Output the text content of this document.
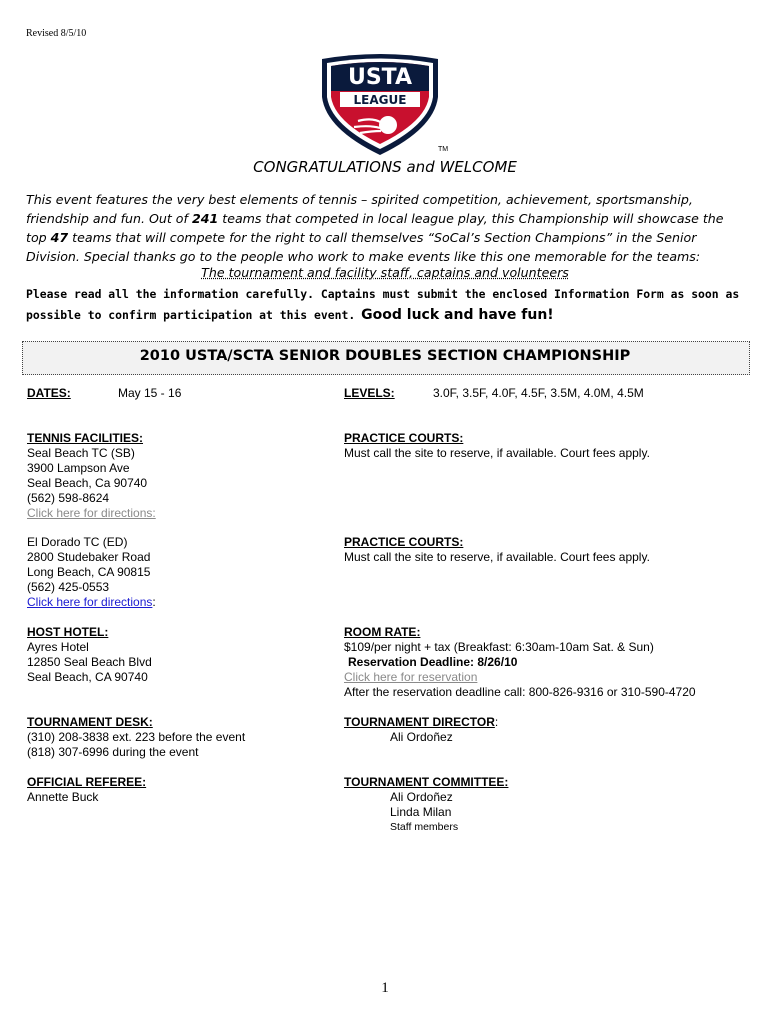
Revised 8/5/10
USTA
LEAGUE
TM
CONGRATULATIONS and WELCOME
This event features the very best elements of tennis – spirited competition, achievement, sportsmanship, friendship and fun. Out of 241 teams that competed in local league play, this Championship will showcase the top 47 teams that will compete for the right to call themselves “SoCal’s Section Champions” in the Senior Division. Special thanks go to the people who work to make events like this one memorable for the teams:
The tournament and facility staff, captains and volunteers
Please read all the information carefully. Captains must submit the enclosed Information Form as soon as possible to confirm participation at this event. Good luck and have fun!
2010 USTA/SCTA SENIOR DOUBLES SECTION CHAMPIONSHIP
DATES:	May 15 - 16	LEVELS:	3.0F, 3.5F, 4.0F, 4.5F, 3.5M, 4.0M, 4.5M
TENNIS FACILITIES:
Seal Beach TC (SB)
3900 Lampson Ave
Seal Beach, Ca 90740
(562) 598-8624
Click here for directions:
PRACTICE COURTS:
Must call the site to reserve, if available. Court fees apply.
El Dorado TC (ED)
2800 Studebaker Road
Long Beach, CA 90815
(562) 425-0553
Click here for directions:
PRACTICE COURTS:
Must call the site to reserve, if available. Court fees apply.
HOST HOTEL:
Ayres Hotel
12850 Seal Beach Blvd
Seal Beach, CA 90740
ROOM RATE:
$109/per night + tax (Breakfast: 6:30am-10am Sat. & Sun)
Reservation Deadline: 8/26/10
Click here for reservation
After the reservation deadline call: 800-826-9316 or 310-590-4720
TOURNAMENT DESK:
(310) 208-3838 ext. 223 before the event
(818) 307-6996 during the event
TOURNAMENT DIRECTOR:
Ali Ordoñez
OFFICIAL REFEREE:
Annette Buck
TOURNAMENT COMMITTEE:
Ali Ordoñez
Linda Milan
Staff members
1
